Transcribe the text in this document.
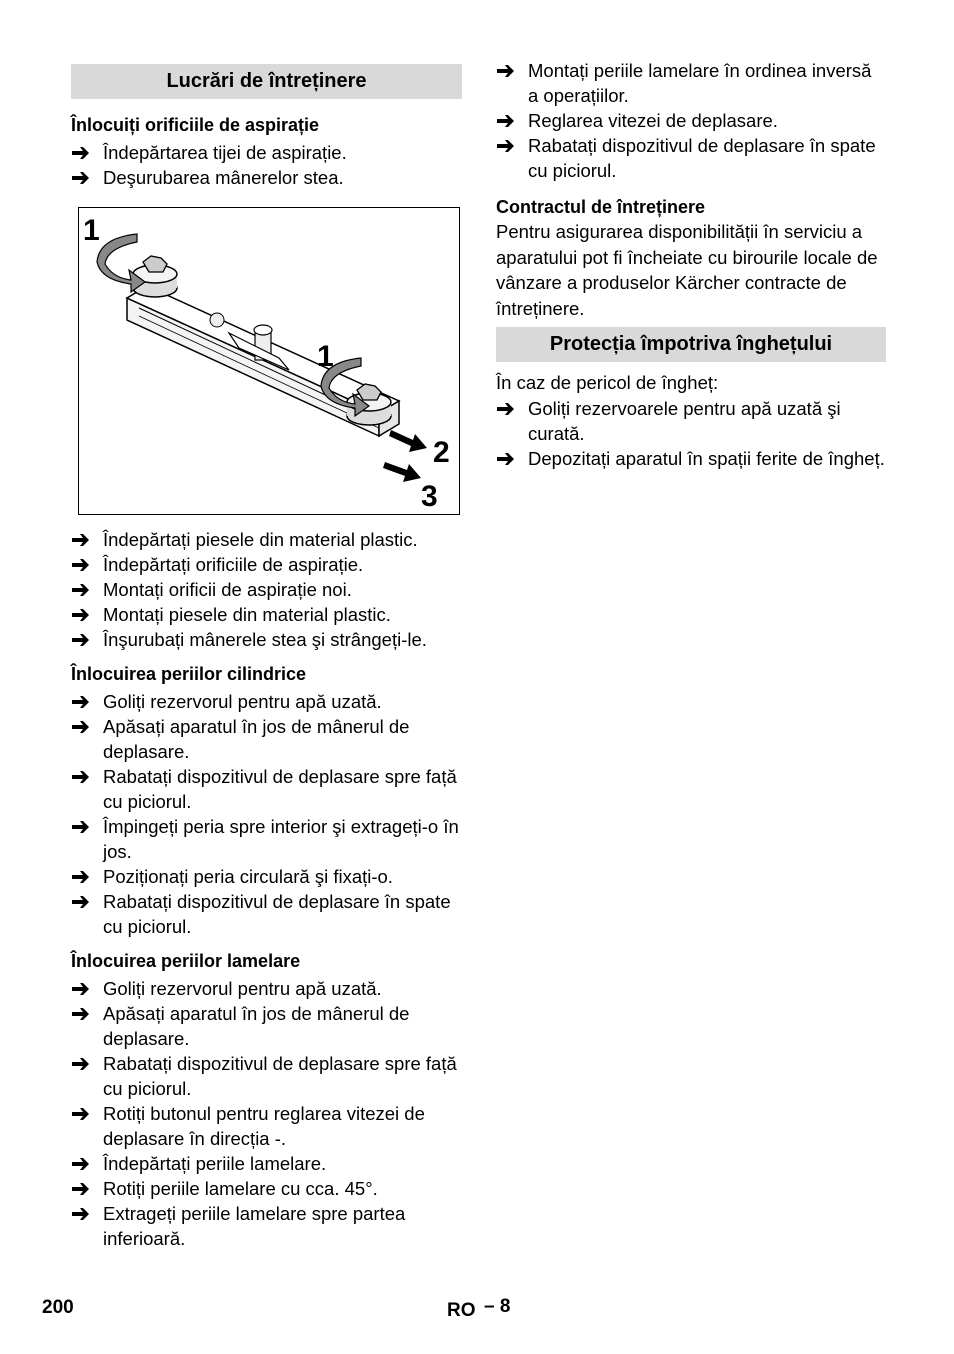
Lucrări de întreținere
Înlocuiți orificiile de aspirație
Îndepărtarea tijei de aspirație.
Deşurubarea mânerelor stea.
1
1
2
3
Îndepărtați piesele din material plastic.
Îndepărtați orificiile de aspirație.
Montați orificii de aspirație noi.
Montați piesele din material plastic.
Înşurubați mânerele stea şi strângeți-le.
Înlocuirea periilor cilindrice
Goliți rezervorul pentru apă uzată.
Apăsați aparatul în jos de mânerul de deplasare.
Rabatați dispozitivul de deplasare spre față cu piciorul.
Împingeți peria spre interior şi extrageți-o în jos.
Poziționați peria circulară şi fixați-o.
Rabatați dispozitivul de deplasare în spate cu piciorul.
Înlocuirea periilor lamelare
Goliți rezervorul pentru apă uzată.
Apăsați aparatul în jos de mânerul de deplasare.
Rabatați dispozitivul de deplasare spre față cu piciorul.
Rotiți butonul pentru reglarea vitezei de deplasare în direcția -.
Îndepărtați periile lamelare.
Rotiți periile lamelare cu cca. 45°.
Extrageți periile lamelare spre partea inferioară.
Montați periile lamelare în ordinea inversă a operațiilor.
Reglarea vitezei de deplasare.
Rabatați dispozitivul de deplasare în spate cu piciorul.
Contractul de întreținere
Pentru asigurarea disponibilității în serviciu a aparatului pot fi încheiate cu birourile locale de vânzare a produselor Kärcher contracte de întreținere.
Protecția împotriva înghețului
În caz de pericol de îngheț:
Goliți rezervoarele pentru apă uzată şi curată.
Depozitați aparatul în spații ferite de îngheț.
200	RO – 8
